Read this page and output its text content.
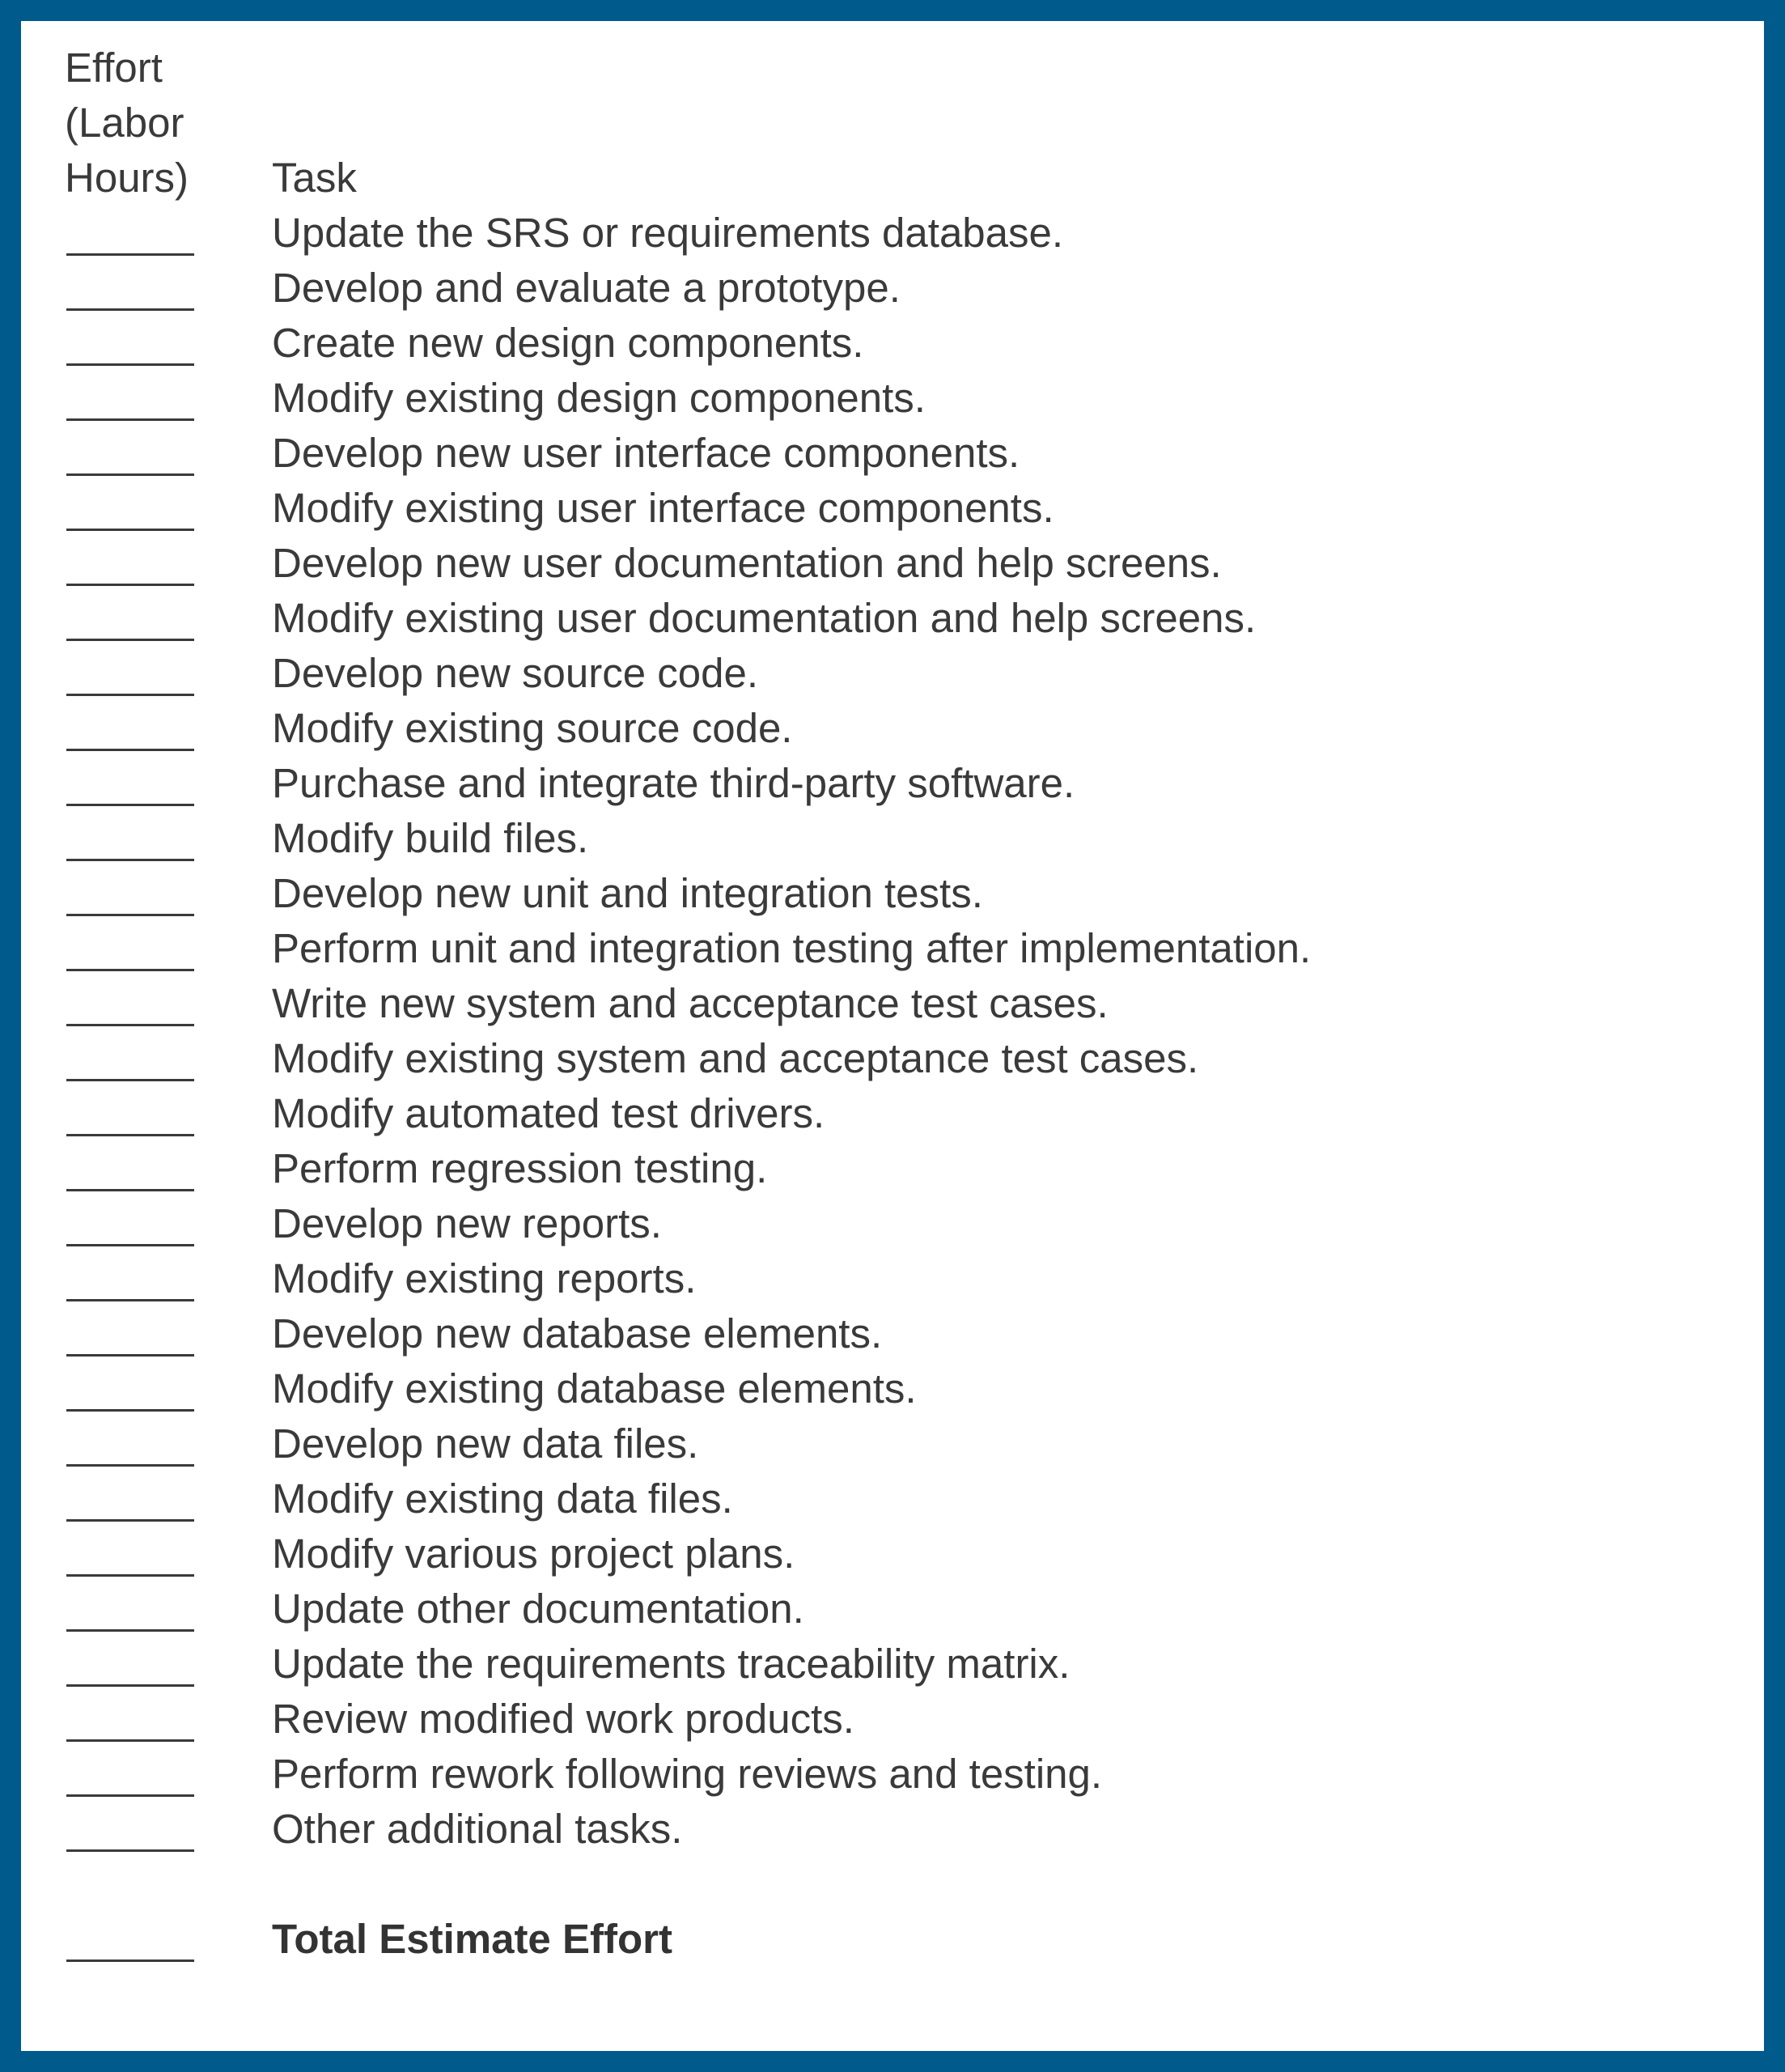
Effort
(Labor
Hours)	Task
Update the SRS or requirements database.
Develop and evaluate a prototype.
Create new design components.
Modify existing design components.
Develop new user interface components.
Modify existing user interface components.
Develop new user documentation and help screens.
Modify existing user documentation and help screens.
Develop new source code.
Modify existing source code.
Purchase and integrate third-party software.
Modify build files.
Develop new unit and integration tests.
Perform unit and integration testing after implementation.
Write new system and acceptance test cases.
Modify existing system and acceptance test cases.
Modify automated test drivers.
Perform regression testing.
Develop new reports.
Modify existing reports.
Develop new database elements.
Modify existing database elements.
Develop new data files.
Modify existing data files.
Modify various project plans.
Update other documentation.
Update the requirements traceability matrix.
Review modified work products.
Perform rework following reviews and testing.
Other additional tasks.
Total Estimate Effort
